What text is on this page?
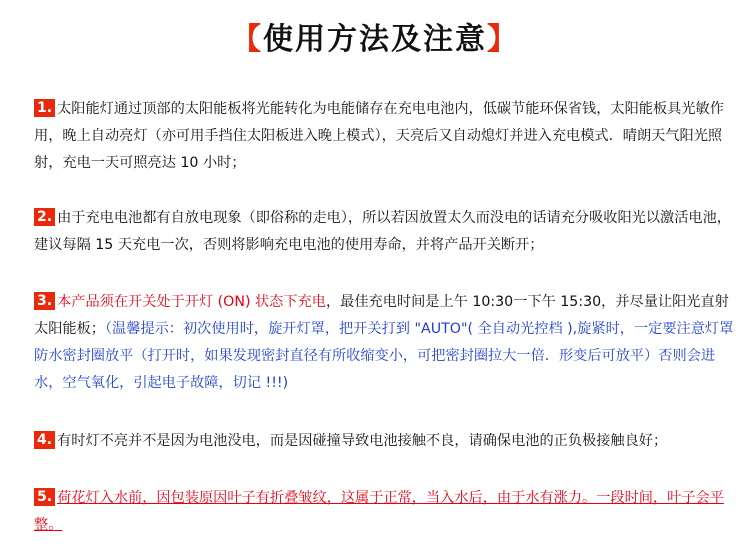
【使用方法及注意】
1. 太阳能灯通过顶部的太阳能板将光能转化为电能储存在充电电池内，低碳节能环保省钱，太阳能板具光敏作用，晚上自动亮灯（亦可用手挡住太阳板进入晚上模式），天亮后又自动熄灯并进入充电模式．晴朗天气阳光照射，充电一天可照亮达 10 小时；
2. 由于充电电池都有自放电现象（即俗称的走电），所以若因放置太久而没电的话请充分吸收阳光以激活电池，建议每隔 15 天充电一次，否则将影响充电电池的使用寿命，并将产品开关断开；
3. 本产品须在开关处于开灯 (ON) 状态下充电，最佳充电时间是上午 10:30一下午 15:30，并尽量让阳光直射太阳能板；（温馨提示：初次使用时，旋开灯罩，把开关打到 "AUTO"( 全自动光控档 ),旋紧时，一定要注意灯罩防水密封圈放平（打开时，如果发现密封直径有所收缩变小，可把密封圈拉大一倍．形变后可放平）否则会进水，空气氧化，引起电子故障，切记 !!!)
4. 有时灯不亮并不是因为电池没电，而是因碰撞导致电池接触不良，请确保电池的正负极接触良好；
5. 荷花灯入水前，因包装原因叶子有折叠皱纹，这属于正常，当入水后，由于水有涨力。一段时间，叶子会平整。
